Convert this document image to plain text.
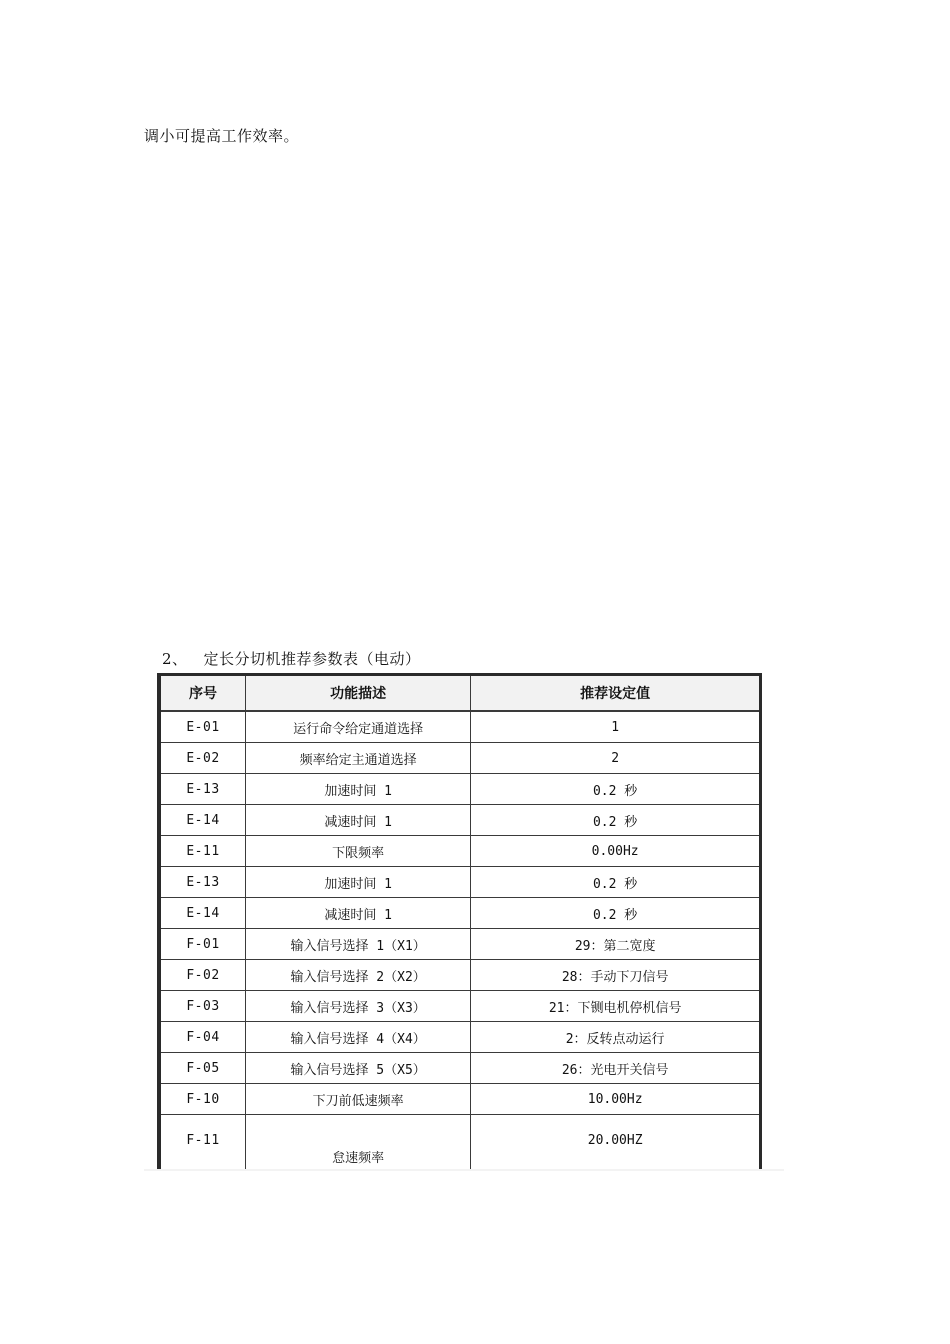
调小可提高工作效率。
2、 定长分切机推荐参数表（电动）
序号	功能描述	推荐设定值
E-01	运行命令给定通道选择	1
E-02	频率给定主通道选择	2
E-13	加速时间 1	0.2 秒
E-14	减速时间 1	0.2 秒
E-11	下限频率	0.00Hz
E-13	加速时间 1	0.2 秒
E-14	减速时间 1	0.2 秒
F-01	输入信号选择 1（X1）	29：第二宽度
F-02	输入信号选择 2（X2）	28：手动下刀信号
F-03	输入信号选择 3（X3）	21：下铡电机停机信号
F-04	输入信号选择 4（X4）	2：反转点动运行
F-05	输入信号选择 5（X5）	26：光电开关信号
F-10	下刀前低速频率	10.00Hz

F-11	怠速频率	20.00HZ
